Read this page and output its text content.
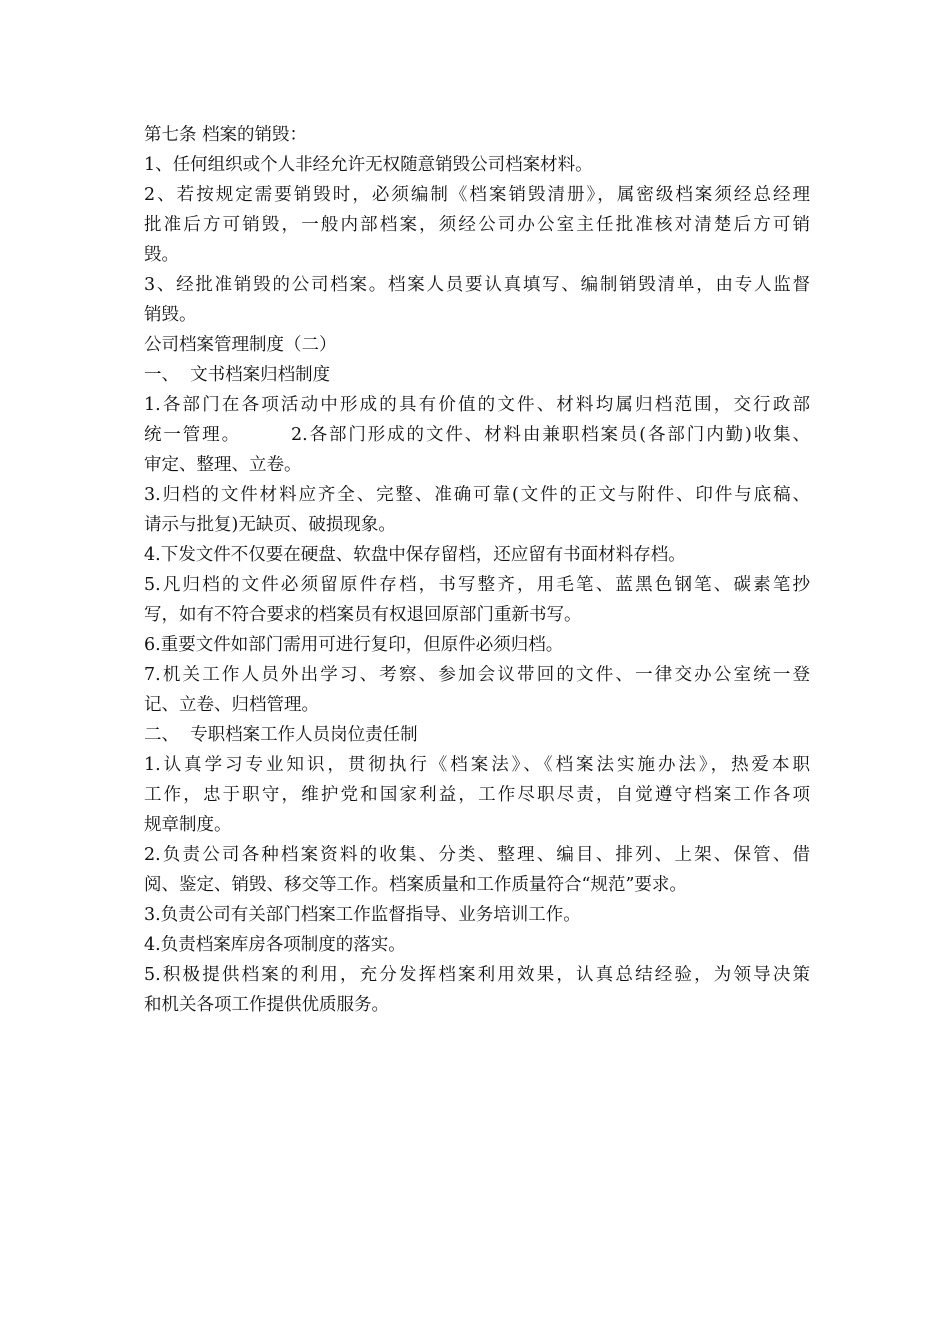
第七条 档案的销毁：
1、任何组织或个人非经允许无权随意销毁公司档案材料。
2、若按规定需要销毁时，必须编制《档案销毁清册》，属密级档案须经总经理
批准后方可销毁，一般内部档案，须经公司办公室主任批准核对清楚后方可销
毁。
3、经批准销毁的公司档案。档案人员要认真填写、编制销毁清单，由专人监督
销毁。
公司档案管理制度（二）
一、  文书档案归档制度
1.各部门在各项活动中形成的具有价值的文件、材料均属归档范围，交行政部
统一管理。	2.各部门形成的文件、材料由兼职档案员(各部门内勤)收集、
审定、整理、立卷。
3.归档的文件材料应齐全、完整、准确可靠(文件的正文与附件、印件与底稿、
请示与批复)无缺页、破损现象。
4.下发文件不仅要在硬盘、软盘中保存留档，还应留有书面材料存档。
5.凡归档的文件必须留原件存档，书写整齐，用毛笔、蓝黑色钢笔、碳素笔抄
写，如有不符合要求的档案员有权退回原部门重新书写。
6.重要文件如部门需用可进行复印，但原件必须归档。
7.机关工作人员外出学习、考察、参加会议带回的文件、一律交办公室统一登
记、立卷、归档管理。
二、  专职档案工作人员岗位责任制
1.认真学习专业知识，贯彻执行《档案法》、《档案法实施办法》，热爱本职
工作，忠于职守，维护党和国家利益，工作尽职尽责，自觉遵守档案工作各项
规章制度。
2.负责公司各种档案资料的收集、分类、整理、编目、排列、上架、保管、借
阅、鉴定、销毁、移交等工作。档案质量和工作质量符合“规范”要求。
3.负责公司有关部门档案工作监督指导、业务培训工作。
4.负责档案库房各项制度的落实。
5.积极提供档案的利用，充分发挥档案利用效果，认真总结经验，为领导决策
和机关各项工作提供优质服务。
